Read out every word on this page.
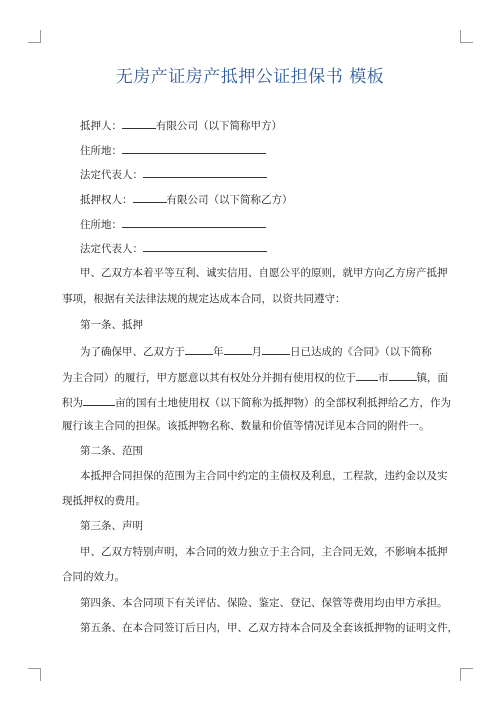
无房产证房产抵押公证担保书 模板
抵押人：	有限公司（以下简称甲方）
住所地：
法定代表人：
抵押权人：	有限公司（以下简称乙方）
住所地：
法定代表人：
甲、乙双方本着平等互利、诚实信用、自愿公平的原则，就甲方向乙方房产抵押
事项，根据有关法律法规的规定达成本合同，以资共同遵守：
第一条、抵押
为了确保甲、乙双方于	年	月	日已达成的《合同》（以下简称
为主合同）的履行，甲方愿意以其有权处分并拥有使用权的位于 市	镇，面
积为	亩的国有土地使用权（以下简称为抵押物）的全部权利抵押给乙方，作为
履行该主合同的担保。该抵押物名称、数量和价值等情况详见本合同的附件一。
第二条、范围
本抵押合同担保的范围为主合同中约定的主债权及利息，工程款，违约金以及实
现抵押权的费用。
第三条、声明
甲、乙双方特别声明，本合同的效力独立于主合同，主合同无效，不影响本抵押
合同的效力。
第四条、本合同项下有关评估、保险、鉴定、登记、保管等费用均由甲方承担。
第五条、在本合同签订后日内，甲、乙双方持本合同及全套该抵押物的证明文件，
